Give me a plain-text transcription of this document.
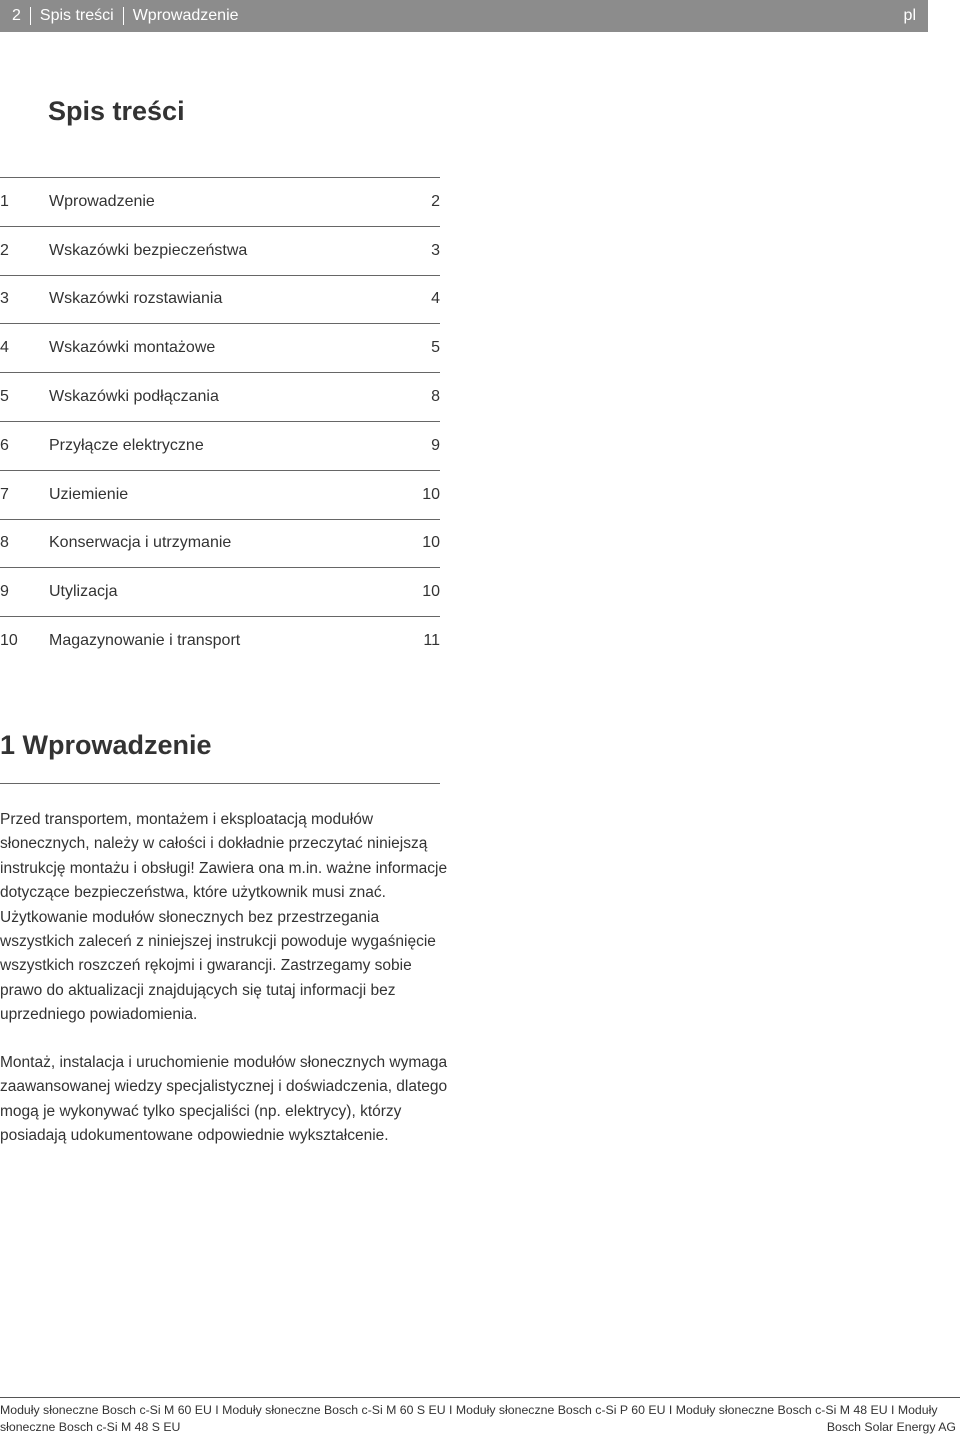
2 Spis treści Wprowadzenie	pl
Spis treści
1	Wprowadzenie	2
2	Wskazówki bezpieczeństwa	3
3	Wskazówki rozstawiania	4
4	Wskazówki montażowe	5
5	Wskazówki podłączania	8
6	Przyłącze elektryczne	9
7	Uziemienie	10
8	Konserwacja i utrzymanie	10
9	Utylizacja	10
10	Magazynowanie i transport	11
1 Wprowadzenie

Przed transportem, montażem i eksploatacją modułów słonecznych, należy w całości i dokładnie przeczytać niniejszą instrukcję montażu i obsługi! Zawiera ona m.in. ważne informacje dotyczące bezpieczeństwa, które użytkownik musi znać. Użytkowanie modułów słonecznych bez przestrzegania wszystkich zaleceń z niniejszej instrukcji powoduje wygaśnięcie wszystkich roszczeń rękojmi i gwarancji. Zastrzegamy sobie prawo do aktualizacji znajdujących się tutaj informacji bez uprzedniego powiadomienia.

Montaż, instalacja i uruchomienie modułów słonecznych wymaga zaawansowanej wiedzy specjalistycznej i doświadczenia, dlatego mogą je wykonywać tylko specjaliści (np. elektrycy), którzy posiadają udokumentowane odpowiednie wykształcenie.

Moduły słoneczne Bosch c-Si M 60 EU I Moduły słoneczne Bosch c-Si M 60 S EU I Moduły słoneczne Bosch c-Si P 60 EU I Moduły słoneczne Bosch c-Si M 48 EU I Moduły słoneczne Bosch c-Si M 48 S EU	Bosch Solar Energy AG
